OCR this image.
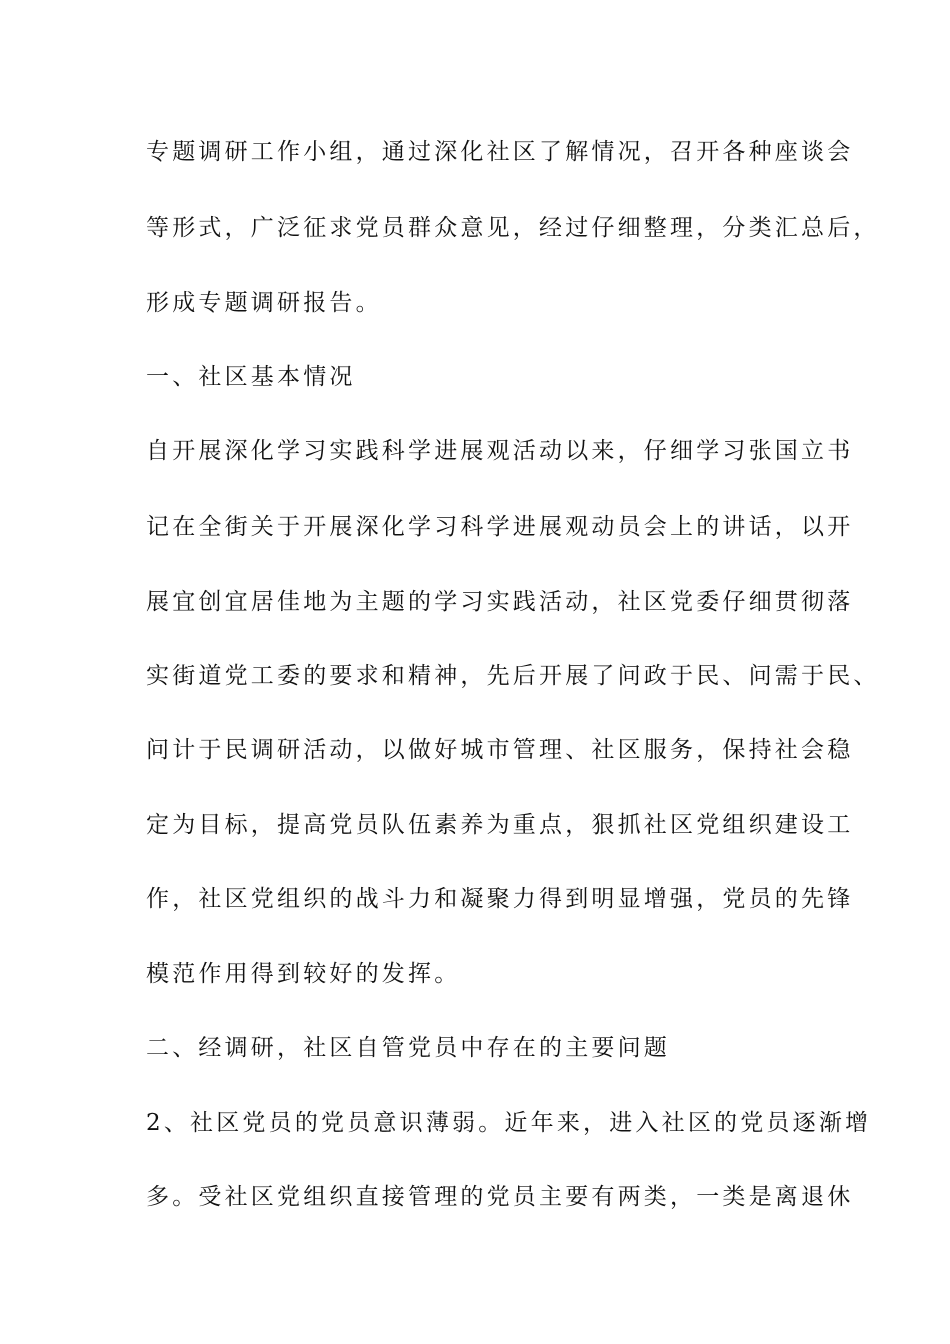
专题调研工作小组，通过深化社区了解情况，召开各种座谈会
等形式，广泛征求党员群众意见，经过仔细整理，分类汇总后，
形成专题调研报告。
一、社区基本情况
自开展深化学习实践科学进展观活动以来，仔细学习张国立书
记在全街关于开展深化学习科学进展观动员会上的讲话，以开
展宜创宜居佳地为主题的学习实践活动，社区党委仔细贯彻落
实街道党工委的要求和精神，先后开展了问政于民、问需于民、
问计于民调研活动，以做好城市管理、社区服务，保持社会稳
定为目标，提高党员队伍素养为重点，狠抓社区党组织建设工
作，社区党组织的战斗力和凝聚力得到明显增强，党员的先锋
模范作用得到较好的发挥。
二、经调研，社区自管党员中存在的主要问题
2、社区党员的党员意识薄弱。近年来，进入社区的党员逐渐增
多。受社区党组织直接管理的党员主要有两类，一类是离退休
